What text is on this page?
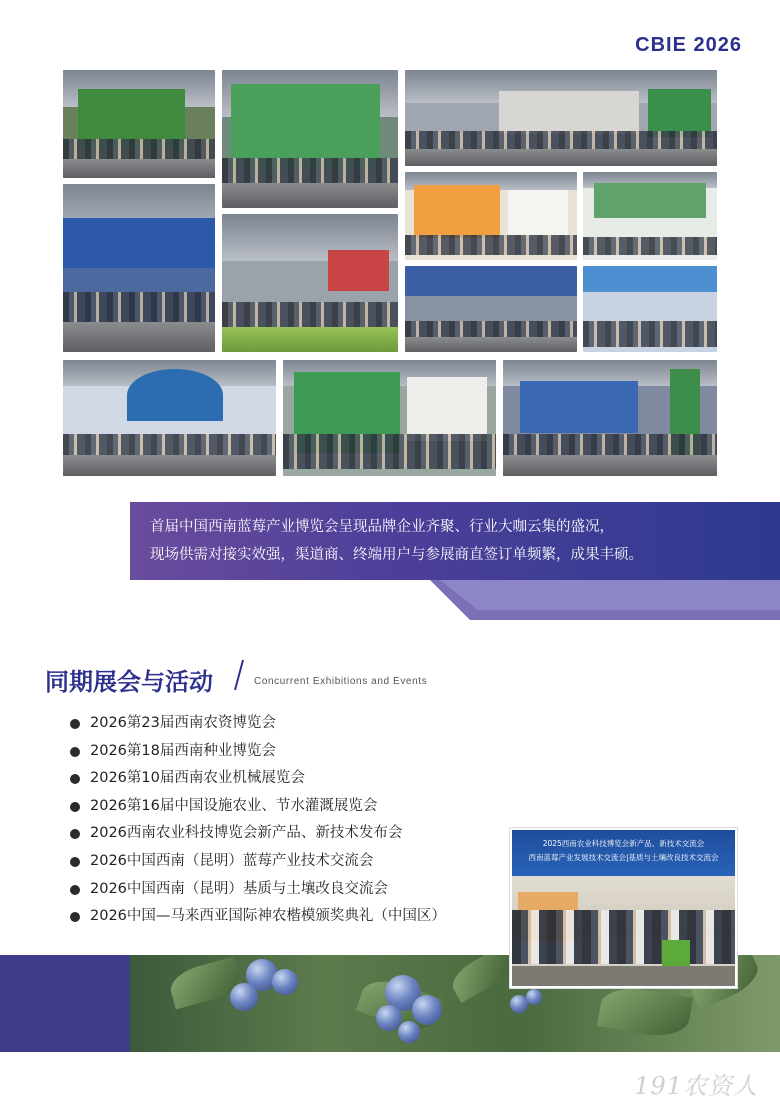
CBIE 2026
首届中国西南蓝莓产业博览会呈现品牌企业齐聚、行业大咖云集的盛况，
现场供需对接实效强，渠道商、终端用户与参展商直签订单频繁，成果丰硕。
同期展会与活动	Concurrent Exhibitions and Events
2026第23届西南农资博览会
2026第18届西南种业博览会
2026第10届西南农业机械展览会
2026第16届中国设施农业、节水灌溉展览会
2026西南农业科技博览会新产品、新技术发布会
2026中国西南（昆明）蓝莓产业技术交流会
2026中国西南（昆明）基质与土壤改良交流会
2026中国—马来西亚国际神农楷模颁奖典礼（中国区）
2025西南农业科技博览会新产品、新技术交流会
西南蓝莓产业发展技术交流会|基质与土壤改良技术交流会
191农资人
